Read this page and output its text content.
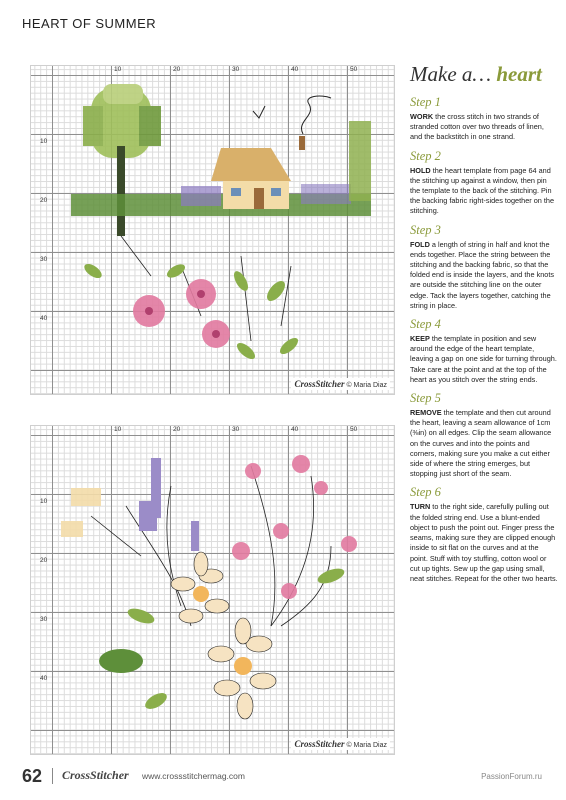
HEART OF SUMMER
10	20	30	40	50
10
20
30
40
CrossStitcher © Maria Diaz
10	20	30	40	50
10
20
30
40
CrossStitcher © Maria Diaz
Make a… heart
Step 1

WORK the cross stitch in two strands of stranded cotton over two threads of linen, and the backstitch in one strand.

Step 2

HOLD the heart template from page 64 and the stitching up against a window, then pin the template to the back of the stitching. Pin the backing fabric right-sides together on the stitching.

Step 3

FOLD a length of string in half and knot the ends together. Place the string between the stitching and the backing fabric, so that the folded end is inside the layers, and the knots are outside the stitching line on the outer edge. Tack the layers together, catching the string in place.

Step 4

KEEP the template in position and sew around the edge of the heart template, leaving a gap on one side for turning through. Take care at the point and at the top of the heart as you stitch over the string ends.

Step 5

REMOVE the template and then cut around the heart, leaving a seam allowance of 1cm (⅜in) on all edges. Clip the seam allowance on the curves and into the points and corners, making sure you make a cut either side of where the string emerges, but stopping just short of the seam.

Step 6

TURN to the right side, carefully pulling out the folded string end. Use a blunt-ended object to push the point out. Finger press the seams, making sure they are clipped enough inside to sit flat on the curves and at the point. Stuff with toy stuffing, cotton wool or cut up tights. Sew up the gap using small, neat stitches. Repeat for the other two hearts.

62 CrossStitcher www.crossstitchermag.com	PassionForum.ru
